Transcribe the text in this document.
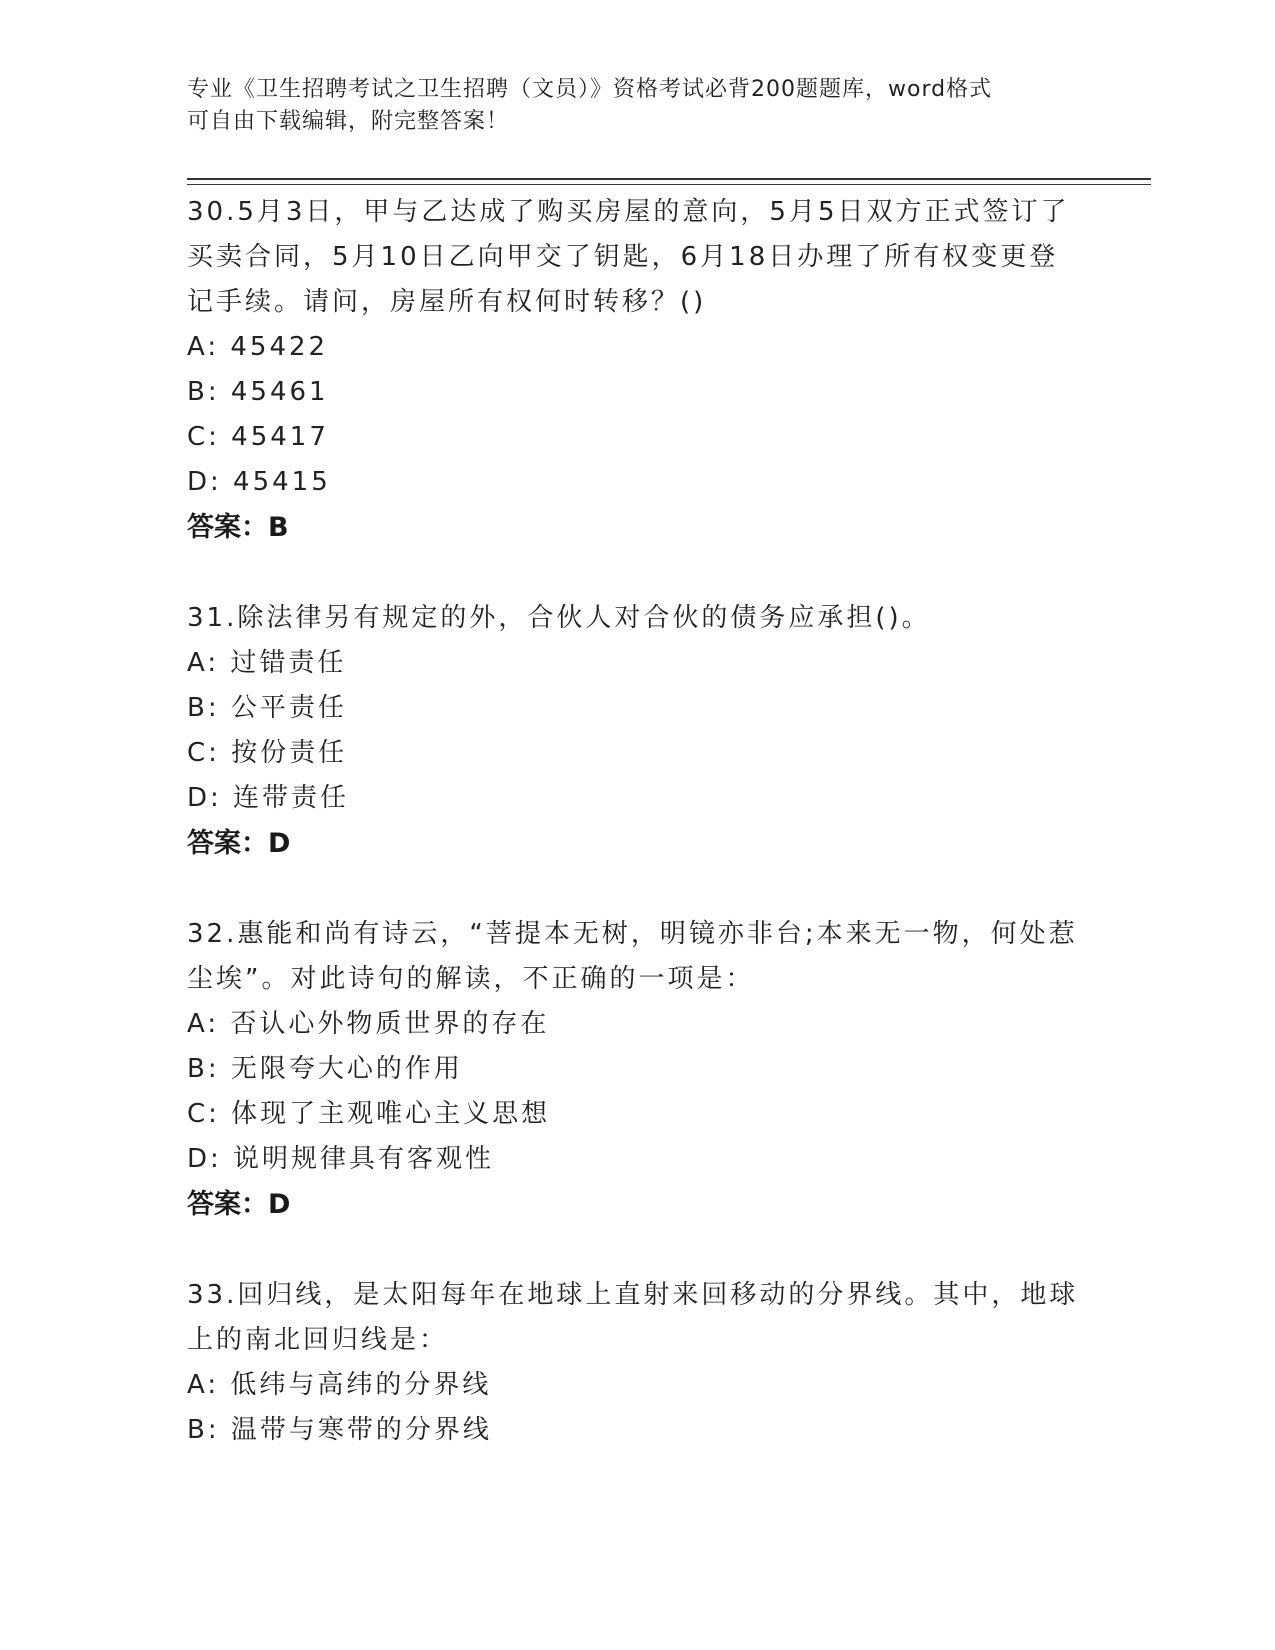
专业《卫生招聘考试之卫生招聘（文员）》资格考试必背200题题库，word格式
可自由下载编辑，附完整答案！

30.5月3日，甲与乙达成了购买房屋的意向，5月5日双方正式签订了买卖合同，5月10日乙向甲交了钥匙，6月18日办理了所有权变更登记手续。请问，房屋所有权何时转移？()

A: 45422

B: 45461

C: 45417

D: 45415

答案：B

31.除法律另有规定的外，合伙人对合伙的债务应承担()。

A: 过错责任

B: 公平责任

C: 按份责任

D: 连带责任

答案：D

32.惠能和尚有诗云，“菩提本无树，明镜亦非台;本来无一物，何处惹尘埃”。对此诗句的解读，不正确的一项是：

A: 否认心外物质世界的存在

B: 无限夸大心的作用

C: 体现了主观唯心主义思想

D: 说明规律具有客观性

答案：D

33.回归线，是太阳每年在地球上直射来回移动的分界线。其中，地球上的南北回归线是：

A: 低纬与高纬的分界线

B: 温带与寒带的分界线
